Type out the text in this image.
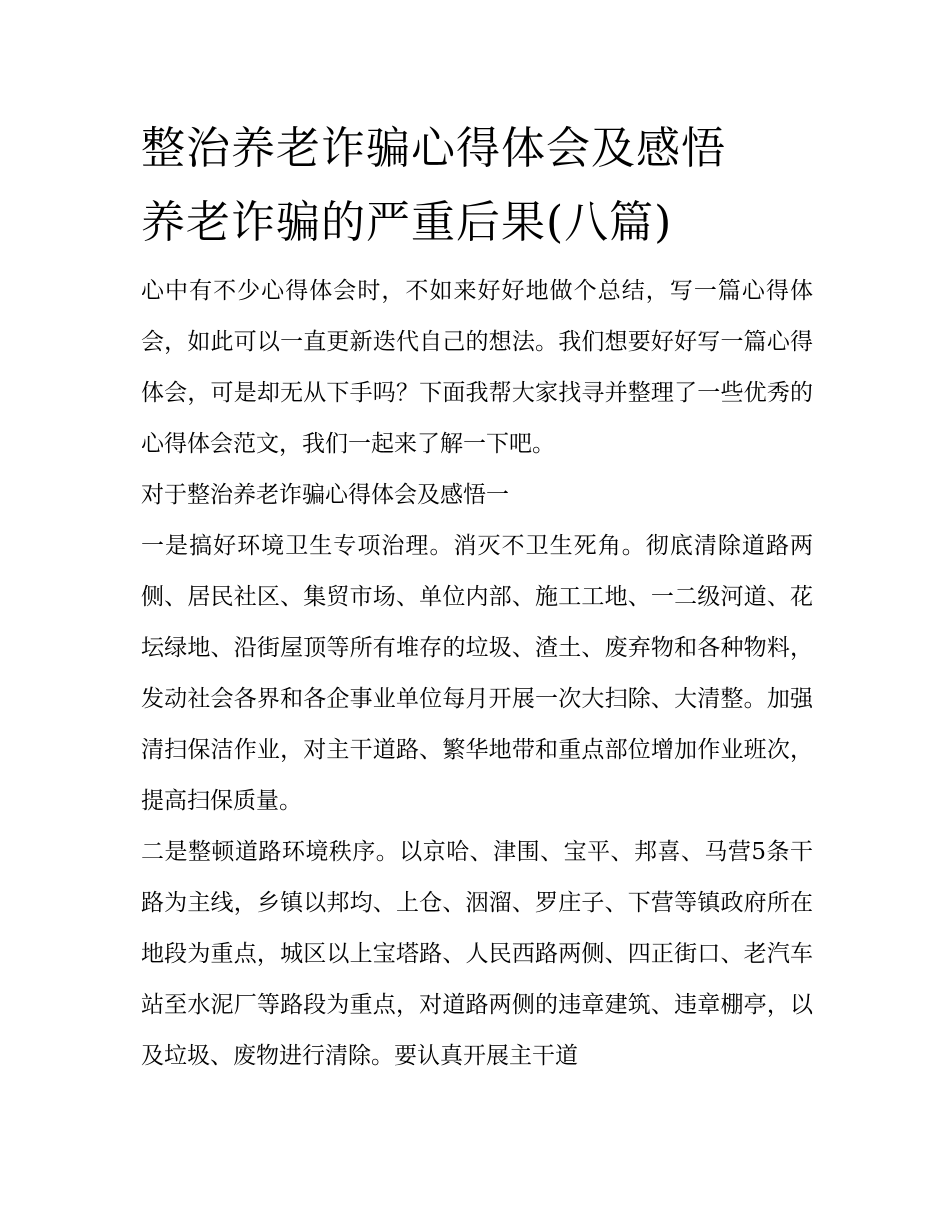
整治养老诈骗心得体会及感悟
养老诈骗的严重后果(八篇)

心中有不少心得体会时，不如来好好地做个总结，写一篇心得体会，如此可以一直更新迭代自己的想法。我们想要好好写一篇心得体会，可是却无从下手吗？下面我帮大家找寻并整理了一些优秀的心得体会范文，我们一起来了解一下吧。

对于整治养老诈骗心得体会及感悟一

一是搞好环境卫生专项治理。消灭不卫生死角。彻底清除道路两侧、居民社区、集贸市场、单位内部、施工工地、一二级河道、花坛绿地、沿街屋顶等所有堆存的垃圾、渣土、废弃物和各种物料，发动社会各界和各企事业单位每月开展一次大扫除、大清整。加强清扫保洁作业，对主干道路、繁华地带和重点部位增加作业班次，提高扫保质量。

二是整顿道路环境秩序。以京哈、津围、宝平、邦喜、马营5条干路为主线，乡镇以邦均、上仓、洇溜、罗庄子、下营等镇政府所在地段为重点，城区以上宝塔路、人民西路两侧、四正街口、老汽车站至水泥厂等路段为重点，对道路两侧的违章建筑、违章棚亭，以及垃圾、废物进行清除。要认真开展主干道
